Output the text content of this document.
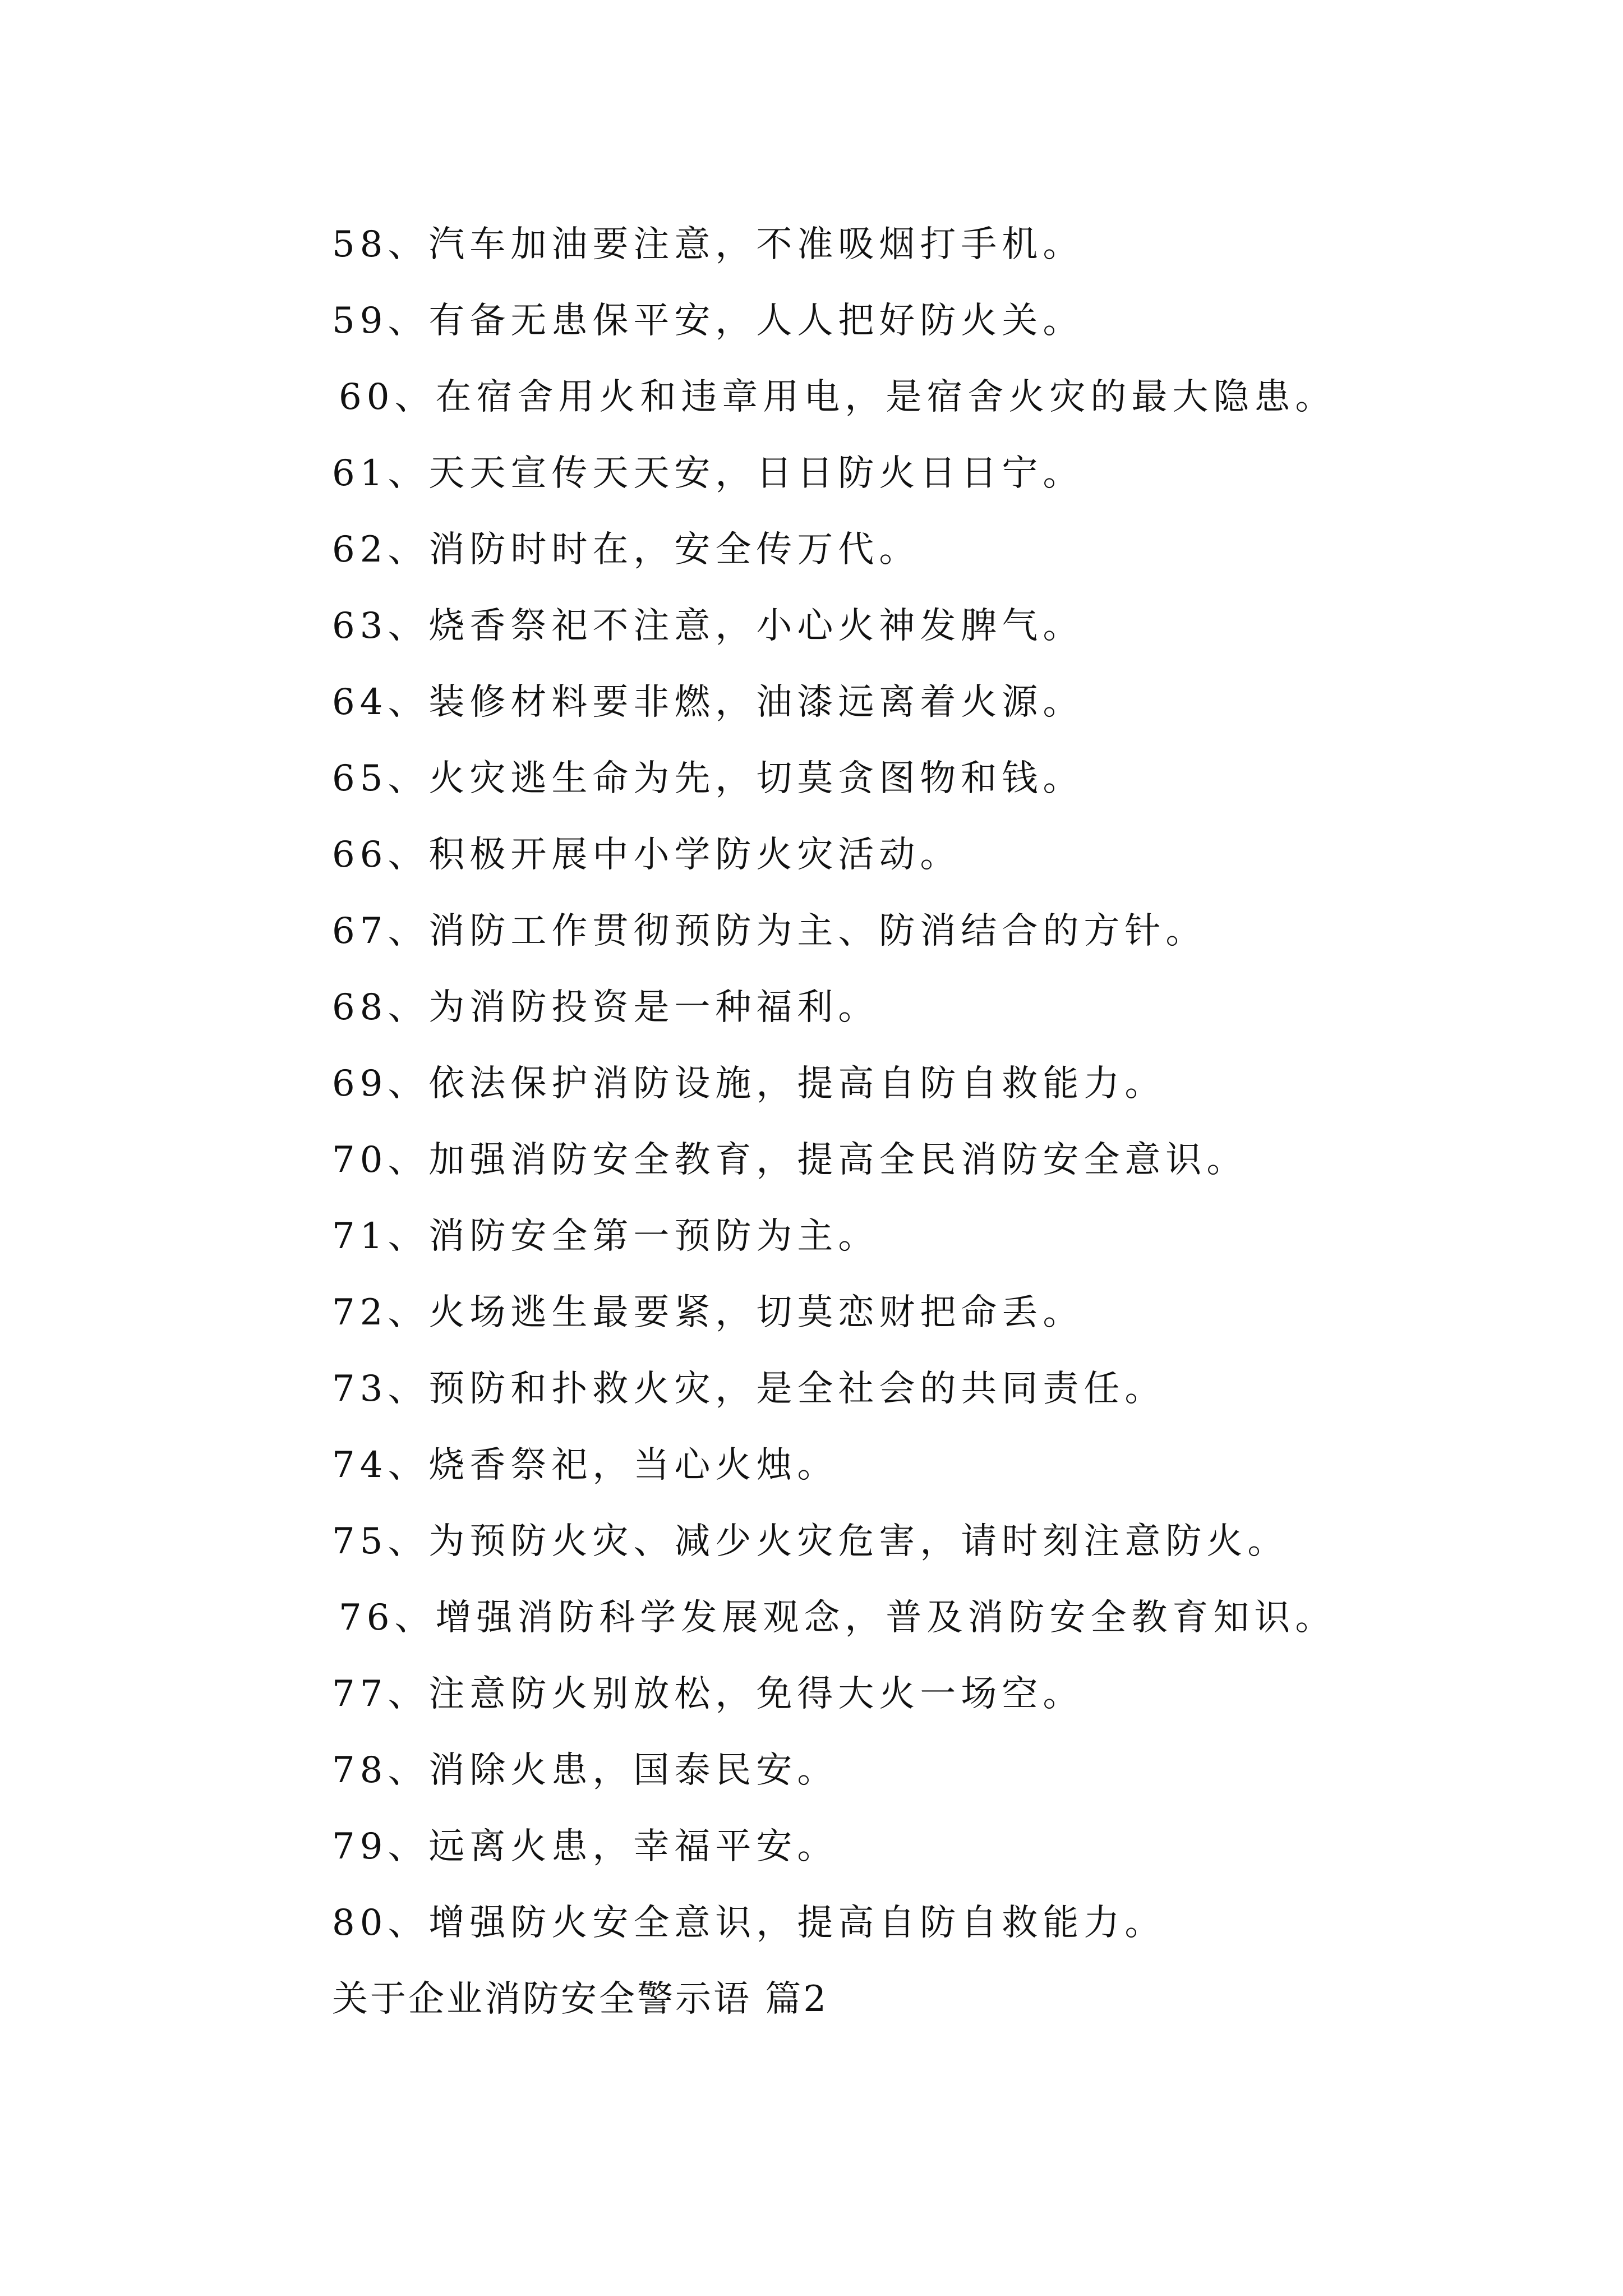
58、汽车加油要注意，不准吸烟打手机。
59、有备无患保平安，人人把好防火关。
60、在宿舍用火和违章用电，是宿舍火灾的最大隐患。
61、天天宣传天天安，日日防火日日宁。
62、消防时时在，安全传万代。
63、烧香祭祀不注意，小心火神发脾气。
64、装修材料要非燃，油漆远离着火源。
65、火灾逃生命为先，切莫贪图物和钱。
66、积极开展中小学防火灾活动。
67、消防工作贯彻预防为主、防消结合的方针。
68、为消防投资是一种福利。
69、依法保护消防设施，提高自防自救能力。
70、加强消防安全教育，提高全民消防安全意识。
71、消防安全第一预防为主。
72、火场逃生最要紧，切莫恋财把命丢。
73、预防和扑救火灾，是全社会的共同责任。
74、烧香祭祀，当心火烛。
75、为预防火灾、减少火灾危害，请时刻注意防火。
76、增强消防科学发展观念，普及消防安全教育知识。
77、注意防火别放松，免得大火一场空。
78、消除火患，国泰民安。
79、远离火患，幸福平安。
80、增强防火安全意识，提高自防自救能力。
关于企业消防安全警示语 篇2
